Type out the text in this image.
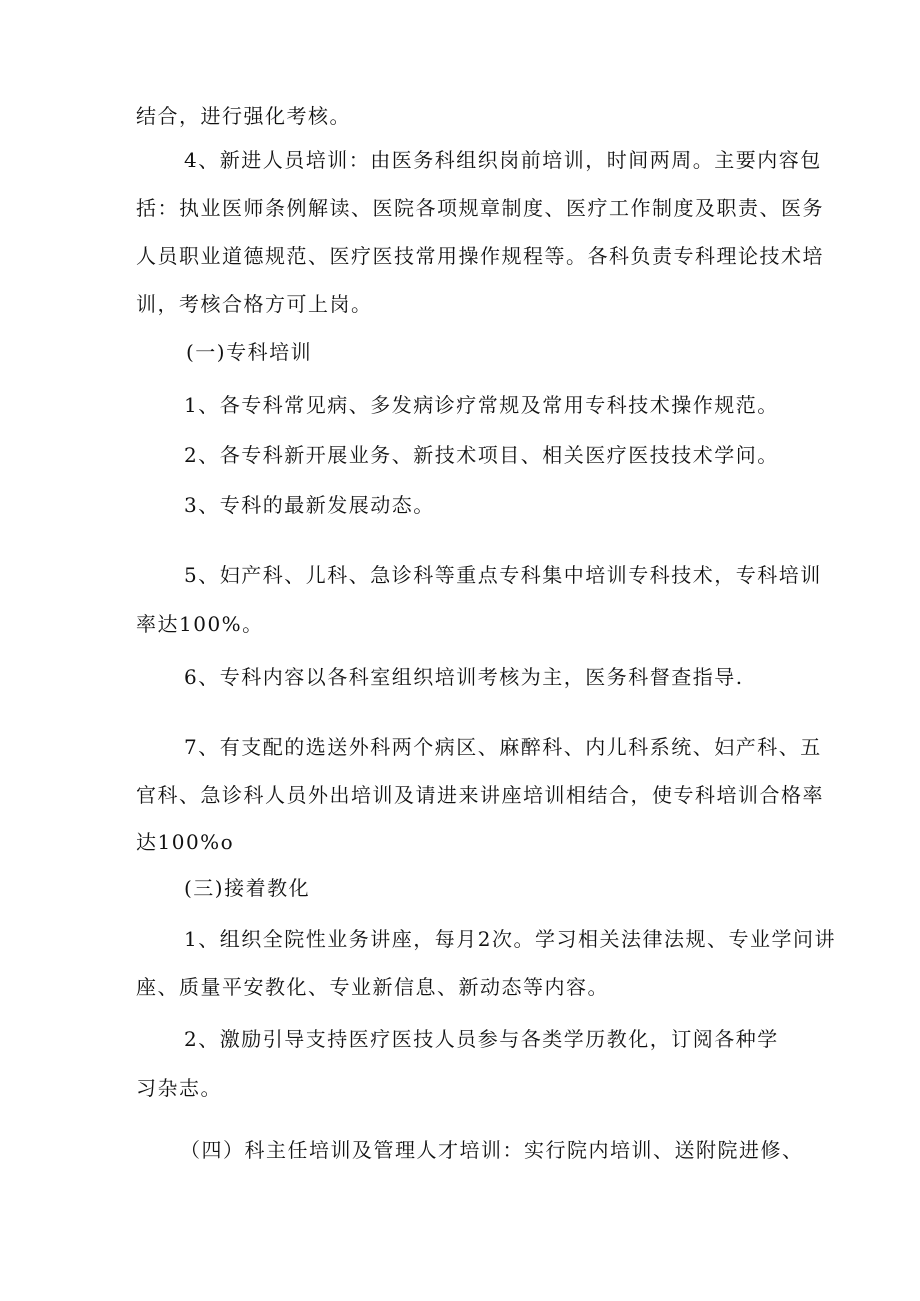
结合，进行强化考核。
4、新进人员培训：由医务科组织岗前培训，时间两周。主要内容包
括：执业医师条例解读、医院各项规章制度、医疗工作制度及职责、医务
人员职业道德规范、医疗医技常用操作规程等。各科负责专科理论技术培
训，考核合格方可上岗。
(一)专科培训
1、各专科常见病、多发病诊疗常规及常用专科技术操作规范。
2、各专科新开展业务、新技术项目、相关医疗医技技术学问。
3、专科的最新发展动态。
5、妇产科、儿科、急诊科等重点专科集中培训专科技术，专科培训
率达100%。
6、专科内容以各科室组织培训考核为主，医务科督查指导.
7、有支配的选送外科两个病区、麻醉科、内儿科系统、妇产科、五
官科、急诊科人员外出培训及请进来讲座培训相结合，使专科培训合格率
达100%o
(三)接着教化
1、组织全院性业务讲座，每月2次。学习相关法律法规、专业学问讲
座、质量平安教化、专业新信息、新动态等内容。
2、激励引导支持医疗医技人员参与各类学历教化，订阅各种学
习杂志。
（四）科主任培训及管理人才培训：实行院内培训、送附院进修、
